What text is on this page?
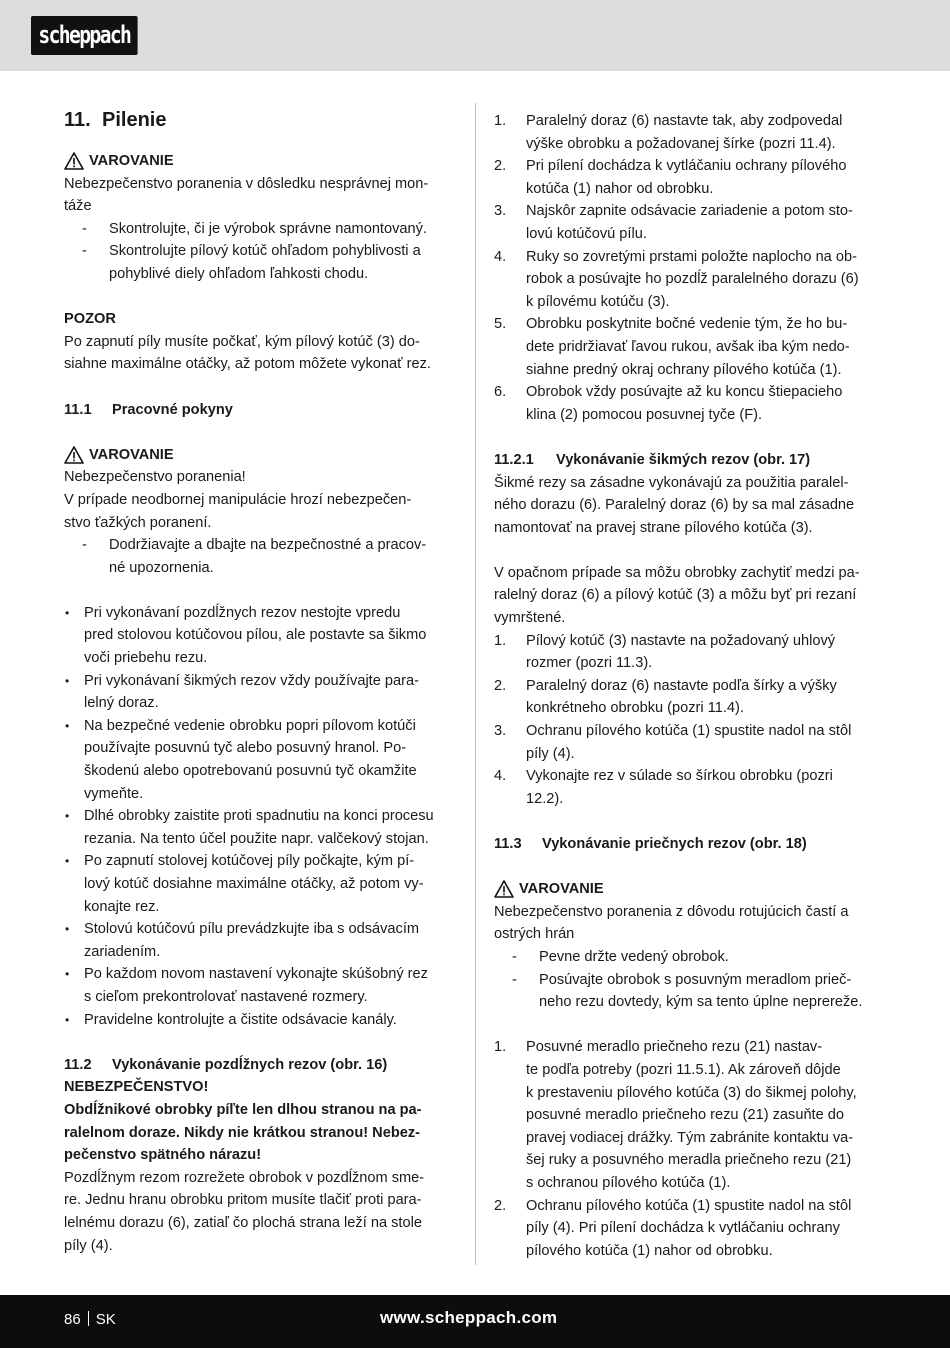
scheppach
11. Pilenie
VAROVANIE

Nebezpečenstvo poranenia v dôsledku nesprávnej mon-

táže

-	Skontrolujte, či je výrobok správne namontovaný.
-	Skontrolujte pílový kotúč ohľadom pohyblivosti a
pohyblivé diely ohľadom ľahkosti chodu.

POZOR

Po zapnutí píly musíte počkať, kým pílový kotúč (3) do-

siahne maximálne otáčky, až potom môžete vykonať rez.

11.1 Pracovné pokyny

VAROVANIE

Nebezpečenstvo poranenia!

V prípade neodbornej manipulácie hrozí nebezpečen-

stvo ťažkých poranení.

-	Dodržiavajte a dbajte na bezpečnostné a pracov-
né upozornenia.
•	Pri vykonávaní pozdĺžnych rezov nestojte vpredu
pred stolovou kotúčovou pílou, ale postavte sa šikmo
voči priebehu rezu.
•	Pri vykonávaní šikmých rezov vždy používajte para-
lelný doraz.
•	Na bezpečné vedenie obrobku popri pílovom kotúči
používajte posuvnú tyč alebo posuvný hranol. Po-
škodenú alebo opotrebovanú posuvnú tyč okamžite
vymeňte.
•	Dlhé obrobky zaistite proti spadnutiu na konci procesu
rezania. Na tento účel použite napr. valčekový stojan.
•	Po zapnutí stolovej kotúčovej píly počkajte, kým pí-
lový kotúč dosiahne maximálne otáčky, až potom vy-
konajte rez.
•	Stolovú kotúčovú pílu prevádzkujte iba s odsávacím
zariadením.
•	Po každom novom nastavení vykonajte skúšobný rez
s cieľom prekontrolovať nastavené rozmery.
•	Pravidelne kontrolujte a čistite odsávacie kanály.

11.2 Vykonávanie pozdĺžnych rezov (obr. 16)

NEBEZPEČENSTVO!

Obdĺžnikové obrobky píľte len dlhou stranou na pa-

ralelnom doraze. Nikdy nie krátkou stranou! Nebez-

pečenstvo spätného nárazu!

Pozdĺžnym rezom rozrežete obrobok v pozdĺžnom sme-

re. Jednu hranu obrobku pritom musíte tlačiť proti para-

lelnému dorazu (6), zatiaľ čo plochá strana leží na stole

píly (4).

1.	Paralelný doraz (6) nastavte tak, aby zodpovedal
výške obrobku a požadovanej šírke (pozri 11.4).
2.	Pri pílení dochádza k vytláčaniu ochrany pílového
kotúča (1) nahor od obrobku.
3.	Najskôr zapnite odsávacie zariadenie a potom sto-
lovú kotúčovú pílu.
4.	Ruky so zovretými prstami položte naplocho na ob-
robok a posúvajte ho pozdĺž paralelného dorazu (6)
k pílovému kotúču (3).
5.	Obrobku poskytnite bočné vedenie tým, že ho bu-
dete pridržiavať ľavou rukou, avšak iba kým nedo-
siahne predný okraj ochrany pílového kotúča (1).
6.	Obrobok vždy posúvajte až ku koncu štiepacieho
klina (2) pomocou posuvnej tyče (F).

11.2.1 Vykonávanie šikmých rezov (obr. 17)

Šikmé rezy sa zásadne vykonávajú za použitia paralel-

ného dorazu (6). Paralelný doraz (6) by sa mal zásadne

namontovať na pravej strane pílového kotúča (3).

V opačnom prípade sa môžu obrobky zachytiť medzi pa-

ralelný doraz (6) a pílový kotúč (3) a môžu byť pri rezaní

vymrštené.

1.	Pílový kotúč (3) nastavte na požadovaný uhlový
rozmer (pozri 11.3).
2.	Paralelný doraz (6) nastavte podľa šírky a výšky
konkrétneho obrobku (pozri 11.4).
3.	Ochranu pílového kotúča (1) spustite nadol na stôl
píly (4).
4.	Vykonajte rez v súlade so šírkou obrobku (pozri
12.2).

11.3 Vykonávanie priečnych rezov (obr. 18)

VAROVANIE

Nebezpečenstvo poranenia z dôvodu rotujúcich častí a

ostrých hrán

-	Pevne držte vedený obrobok.
-	Posúvajte obrobok s posuvným meradlom prieč-
neho rezu dovtedy, kým sa tento úplne neprereže.
1.	Posuvné meradlo priečneho rezu (21) nastav-
te podľa potreby (pozri 11.5.1). Ak zároveň dôjde
k prestaveniu pílového kotúča (3) do šikmej polohy,
posuvné meradlo priečneho rezu (21) zasuňte do
pravej vodiacej drážky. Tým zabránite kontaktu va-
šej ruky a posuvného meradla priečneho rezu (21)
s ochranou pílového kotúča (1).
2.	Ochranu pílového kotúča (1) spustite nadol na stôl
píly (4). Pri pílení dochádza k vytláčaniu ochrany
pílového kotúča (1) nahor od obrobku.
86 SK	www.scheppach.com
